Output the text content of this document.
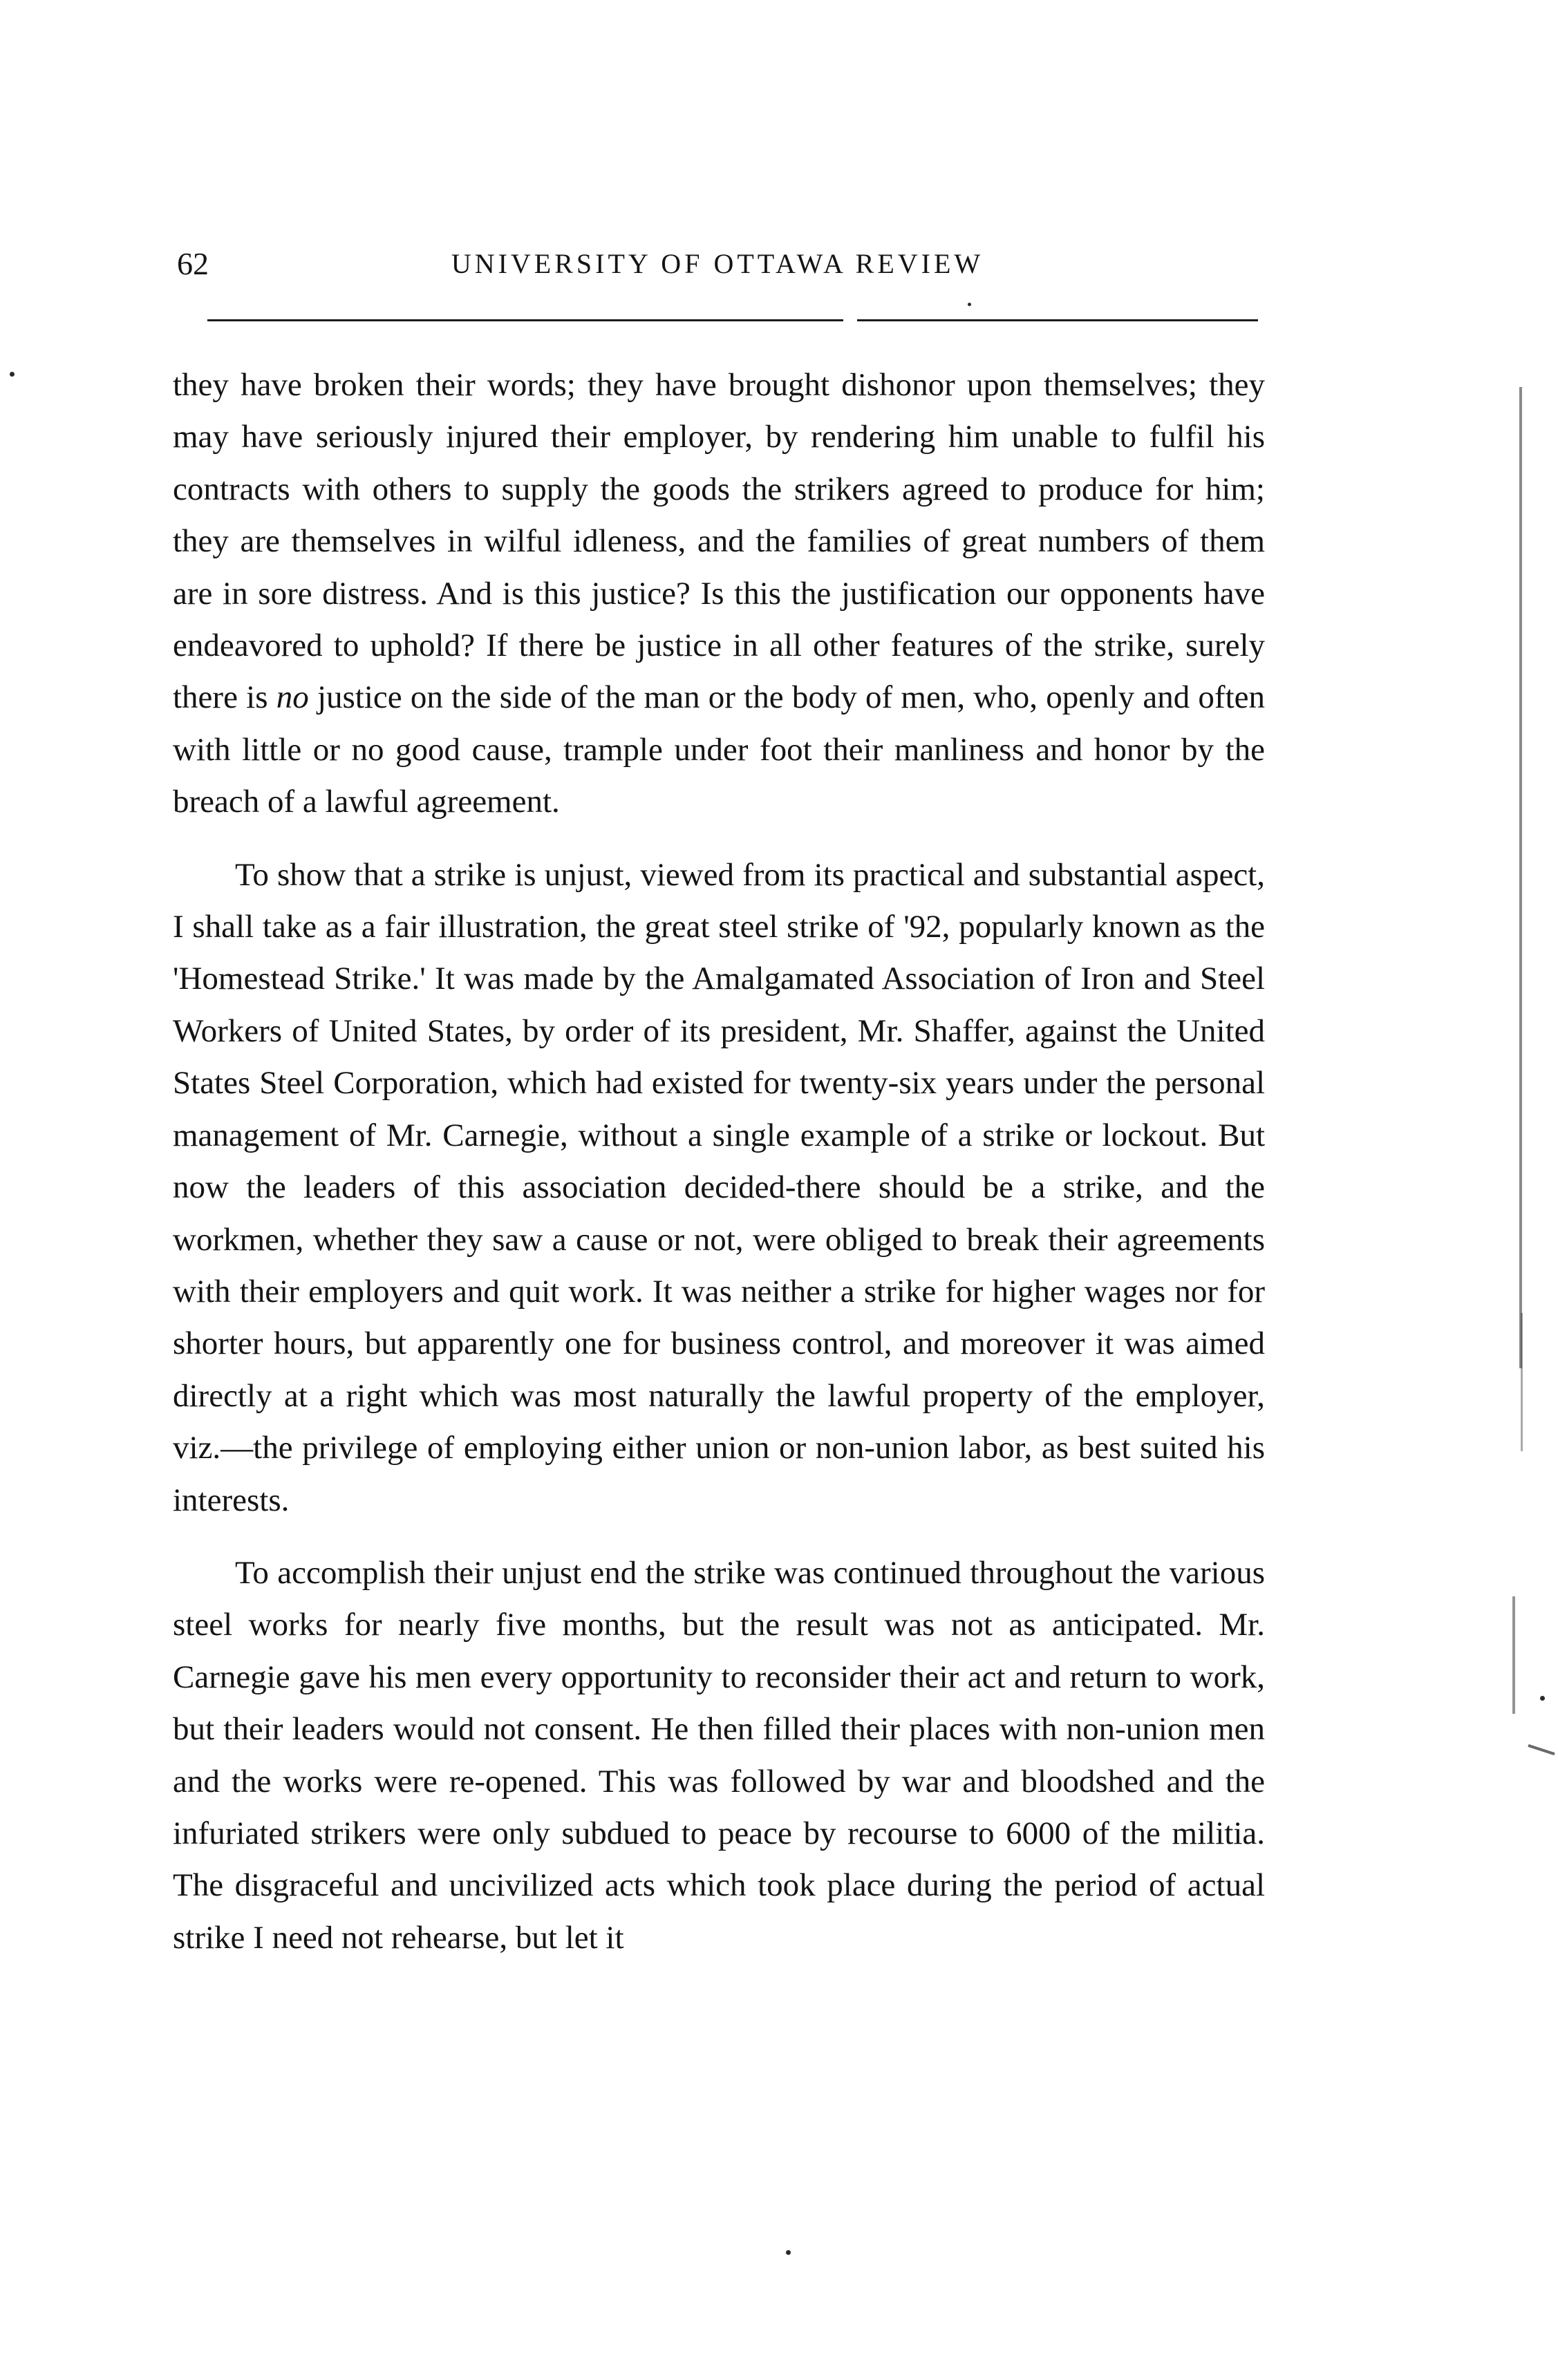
62	UNIVERSITY OF OTTAWA REVIEW

they have broken their words; they have brought dishonor upon themselves; they may have seriously injured their employer, by rendering him unable to fulfil his contracts with others to supply the goods the strikers agreed to produce for him; they are themselves in wilful idleness, and the families of great numbers of them are in sore distress. And is this justice? Is this the justification our opponents have endeavored to uphold? If there be justice in all other features of the strike, surely there is no justice on the side of the man or the body of men, who, openly and often with little or no good cause, trample under foot their manliness and honor by the breach of a lawful agreement.

To show that a strike is unjust, viewed from its practical and substantial aspect, I shall take as a fair illustration, the great steel strike of '92, popularly known as the 'Homestead Strike.' It was made by the Amalgamated Association of Iron and Steel Workers of United States, by order of its president, Mr. Shaffer, against the United States Steel Corporation, which had existed for twenty-six years under the personal management of Mr. Carnegie, without a single example of a strike or lockout. But now the leaders of this association decided-there should be a strike, and the workmen, whether they saw a cause or not, were obliged to break their agreements with their employers and quit work. It was neither a strike for higher wages nor for shorter hours, but apparently one for business control, and moreover it was aimed directly at a right which was most naturally the lawful property of the employer, viz.—the privilege of employing either union or non-union labor, as best suited his interests.

To accomplish their unjust end the strike was continued throughout the various steel works for nearly five months, but the result was not as anticipated. Mr. Carnegie gave his men every opportunity to reconsider their act and return to work, but their leaders would not consent. He then filled their places with non-union men and the works were re-opened. This was followed by war and bloodshed and the infuriated strikers were only subdued to peace by recourse to 6000 of the militia. The disgraceful and uncivilized acts which took place during the period of actual strike I need not rehearse, but let it
